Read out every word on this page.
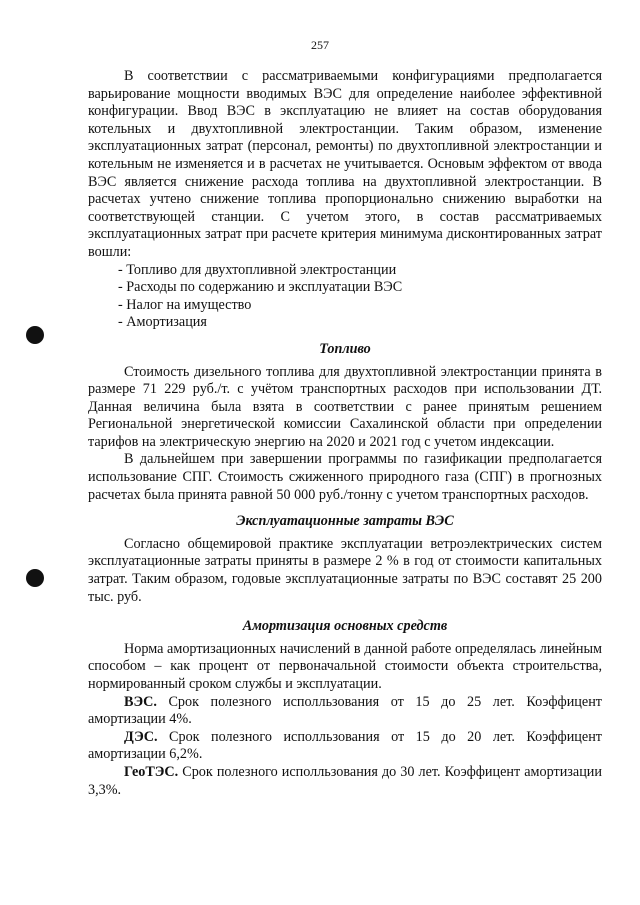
257

В соответствии с рассматриваемыми конфигурациями предполагается варьирование мощности вводимых ВЭС для определение наиболее эффективной конфигурации. Ввод ВЭС в эксплуатацию не влияет на состав оборудования котельных и двухтопливной электростанции. Таким образом, изменение эксплуатационных затрат (персонал, ремонты) по двухтопливной электростанции и котельным не изменяется и в расчетах не учитывается. Основым эффектом от ввода ВЭС является снижение расхода топлива на двухтопливной электростанции. В расчетах учтено снижение топлива пропорционально снижению выработки на соответствующей станции. С учетом этого, в состав рассматриваемых эксплуатационных затрат при расчете критерия минимума дисконтированных затрат вошли:

- Топливо для двухтопливной электростанции
- Расходы по содержанию и эксплуатации ВЭС
- Налог на имущество
- Амортизация
Топливо

Стоимость дизельного топлива для двухтопливной электростанции принята в размере 71 229 руб./т. с учётом транспортных расходов при использовании ДТ. Данная величина была взята в соответствии с ранее принятым решением Региональной энергетической комиссии Сахалинской области при определении тарифов на электрическую энергию на 2020 и 2021 год с учетом индексации.

В дальнейшем при завершении программы по газификации предполагается использование СПГ. Стоимость сжиженного природного газа (СПГ) в прогнозных расчетах была принята равной 50 000 руб./тонну с учетом транспортных расходов.

Эксплуатационные затраты ВЭС

Согласно общемировой практике эксплуатации ветроэлектрических систем эксплуатационные затраты приняты в размере 2 % в год от стоимости капитальных затрат. Таким образом, годовые эксплуатационные затраты по ВЭС составят 25 200 тыс. руб.

Амортизация основных средств

Норма амортизационных начислений в данной работе определялась линейным способом – как процент от первоначальной стоимости объекта строительства, нормированный сроком службы и эксплуатации.

ВЭС. Срок полезного исполльзования от 15 до 25 лет. Коэффицент амортизации 4%.

ДЭС. Срок полезного исполльзования от 15 до 20 лет. Коэффицент амортизации 6,2%.

ГеоТЭС. Срок полезного исполльзования до 30 лет. Коэффицент амортизации 3,3%.
